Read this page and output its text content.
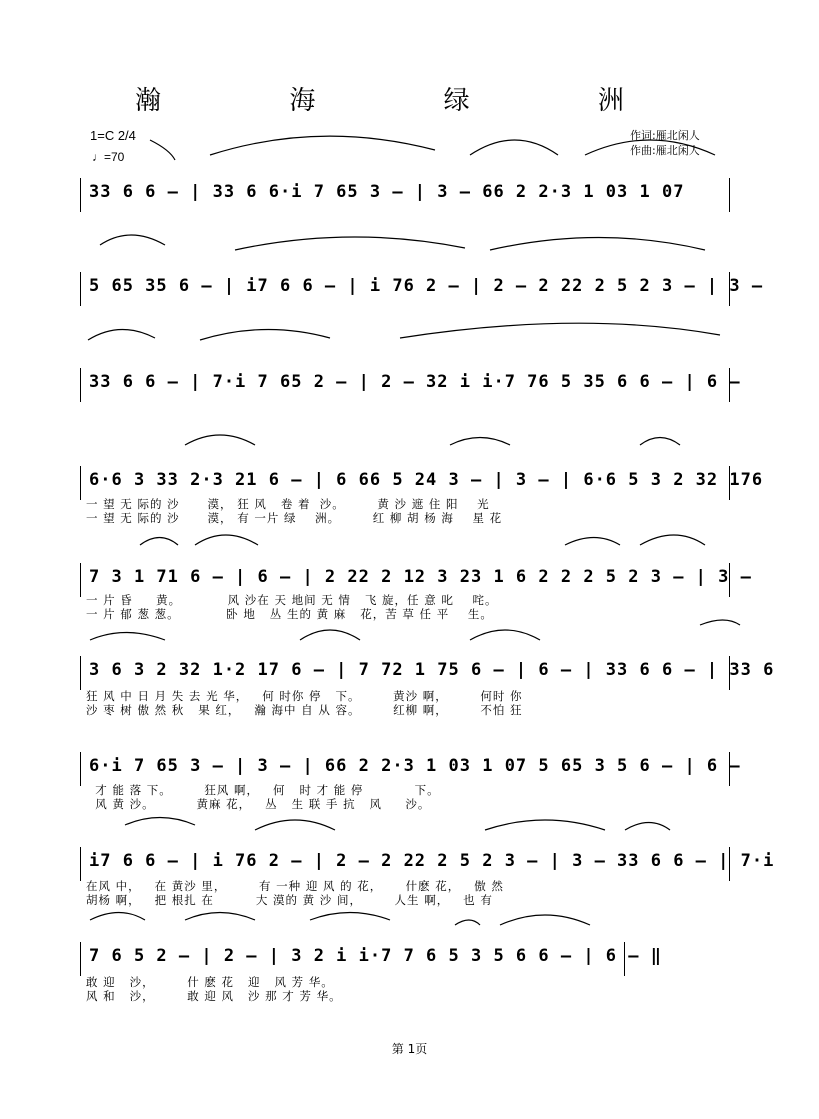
瀚 海 绿 洲
1=C 2/4
♩=70
作词:雁北闲人
作曲:雁北闲人
33 6 6 – | 33 6 6·i 7 65 3 – | 3 – 66 2 2·3 1 03 1 07
5 65 35 6 – | i7 6 6 – | i 76 2 – | 2 – 2 22 2 5 2 3 – | 3 –
33 6 6 – | 7·i 7 65 2 – | 2 – 32 i i·7 76 5 35 6 6 – | 6 –
6·6 3 33 2·3 21 6 – | 6 66 5 24 3 – | 3 – | 6·6 5 3 2 32 176
一 望 无 际的 沙      漠， 狂 风   卷 着  沙。       黄 沙 遮 住 阳    光
一 望 无 际的 沙      漠， 有 一片 绿    洲。       红 柳 胡 杨 海    星 花
7 3 1 71 6 – | 6 – | 2 22 2 12 3 23 1 6 2 2 2 5 2 3 – | 3 –
一 片 昏     黄。          风 沙在 天 地间 无 情   飞 旋，任 意 叱    咤。
一 片 郁 葱 葱。          卧 地   丛 生的 黄 麻   花，苦 草 任 平    生。
3 6 3 2 32 1·2 17 6 – | 7 72 1 75 6 – | 6 – | 33 6 6 – | 33 6
狂 风 中 日 月 失 去 光 华，   何 时你 停   下。       黄沙 啊，       何时 你
沙 枣 树 傲 然 秋   果 红，   瀚 海中 自 从 容。       红柳 啊，       不怕 狂
6·i 7 65 3 – | 3 – | 66 2 2·3 1 03 1 07 5 65 3 5 6 – | 6 –
才 能 落 下。       狂风 啊，   何   时 才 能 停           下。
风 黄 沙。         黄麻 花，   丛   生 联 手 抗   风     沙。
i7 6 6 – | i 76 2 – | 2 – 2 22 2 5 2 3 – | 3 – 33 6 6 – | 7·i
在风 中，   在 黄沙 里，       有 一种 迎 风 的 花，     什麽 花，   傲 然
胡杨 啊，   把 根扎 在         大 漠的 黄 沙 间，       人生 啊，   也 有
7 6 5 2 – | 2 – | 3 2 i i·7 7 6 5 3 5 6 6 – | 6 – ‖
敢 迎   沙，       什 麽 花   迎   风 芳 华。
风 和   沙，       敢 迎 风   沙 那 才 芳 华。
第 1页
